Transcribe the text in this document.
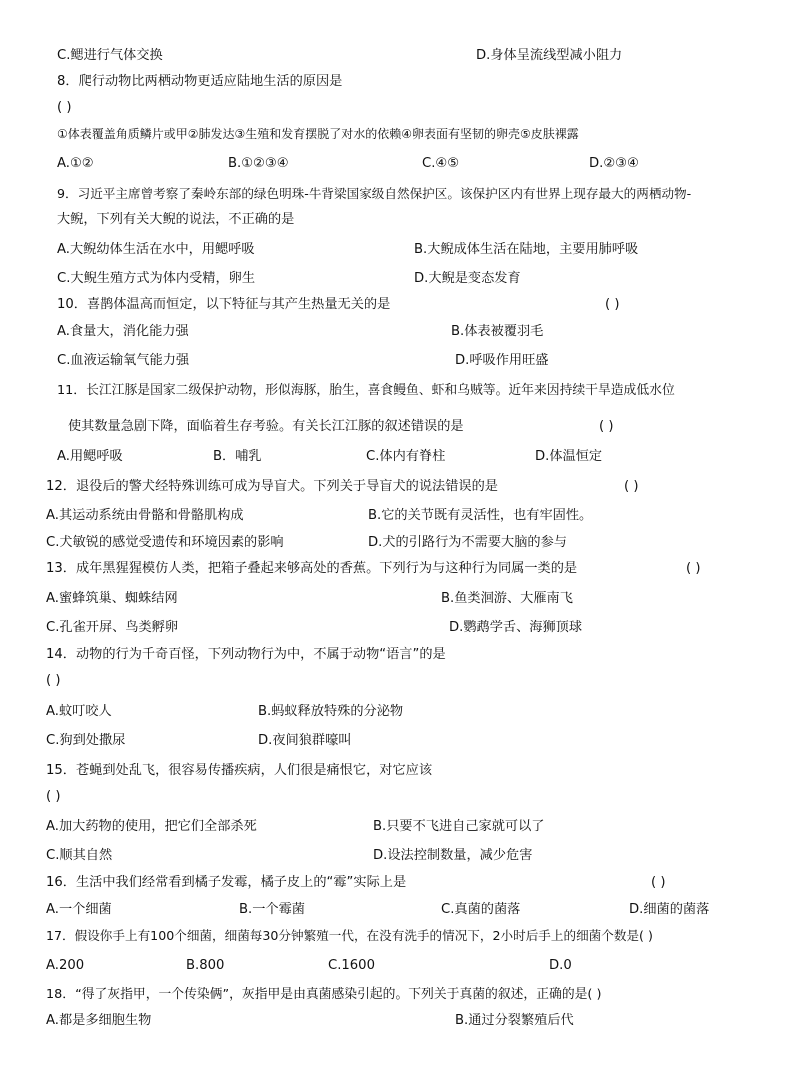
C.鳃进行气体交换	D.身体呈流线型减小阻力
8．爬行动物比两栖动物更适应陆地生活的原因是
( )
①体表覆盖角质鳞片或甲②肺发达③生殖和发育摆脱了对水的依赖④卵表面有坚韧的卵壳⑤皮肤裸露
A.①②	B.①②③④	C.④⑤	D.②③④
9．习近平主席曾考察了秦岭东部的绿色明珠-牛背梁国家级自然保护区。该保护区内有世界上现存最大的两栖动物-
大鲵，下列有关大鲵的说法，不正确的是
A.大鲵幼体生活在水中，用鳃呼吸	B.大鲵成体生活在陆地，主要用肺呼吸
C.大鲵生殖方式为体内受精，卵生	D.大鲵是变态发育
10．喜鹊体温高而恒定，以下特征与其产生热量无关的是	( )
A.食量大，消化能力强	B.体表被覆羽毛
C.血液运输氧气能力强	D.呼吸作用旺盛
11．长江江豚是国家二级保护动物，形似海豚，胎生，喜食鳗鱼、虾和乌贼等。近年来因持续干旱造成低水位
使其数量急剧下降，面临着生存考验。有关长江江豚的叙述错误的是	( )
A.用鳃呼吸	B．哺乳	C.体内有脊柱	D.体温恒定
12．退役后的警犬经特殊训练可成为导盲犬。下列关于导盲犬的说法错误的是	( )
A.其运动系统由骨骼和骨骼肌构成	B.它的关节既有灵活性，也有牢固性。
C.犬敏锐的感觉受遗传和环境因素的影响	D.犬的引路行为不需要大脑的参与
13．成年黑猩猩模仿人类，把箱子叠起来够高处的香蕉。下列行为与这种行为同属一类的是	( )
A.蜜蜂筑巢、蜘蛛结网	B.鱼类洄游、大雁南飞
C.孔雀开屏、鸟类孵卵	D.鹦鹉学舌、海狮顶球
14．动物的行为千奇百怪，下列动物行为中，不属于动物“语言”的是
( )
A.蚊叮咬人	B.蚂蚁释放特殊的分泌物
C.狗到处撒尿	D.夜间狼群嚎叫
15．苍蝇到处乱飞，很容易传播疾病，人们很是痛恨它，对它应该
( )
A.加大药物的使用，把它们全部杀死	B.只要不飞进自己家就可以了
C.顺其自然	D.设法控制数量，减少危害
16．生活中我们经常看到橘子发霉，橘子皮上的“霉”实际上是	( )
A.一个细菌	B.一个霉菌	C.真菌的菌落	D.细菌的菌落
17．假设你手上有100个细菌，细菌每30分钟繁殖一代，在没有洗手的情况下，2小时后手上的细菌个数是( )
A.200	B.800	C.1600	D.0
18．“得了灰指甲，一个传染俩”，灰指甲是由真菌感染引起的。下列关于真菌的叙述，正确的是( )
A.都是多细胞生物	B.通过分裂繁殖后代
